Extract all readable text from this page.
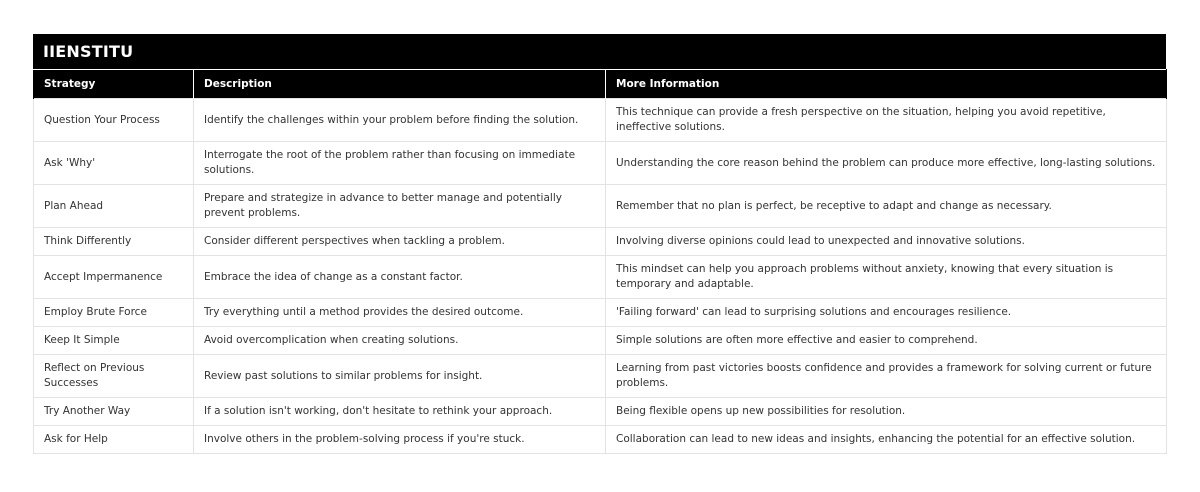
IIENSTITU
Strategy	Description	More Information
Question Your Process	Identify the challenges within your problem before finding the solution.	This technique can provide a fresh perspective on the situation, helping you avoid repetitive, ineffective solutions.
Ask 'Why'	Interrogate the root of the problem rather than focusing on immediate solutions.	Understanding the core reason behind the problem can produce more effective, long-lasting solutions.
Plan Ahead	Prepare and strategize in advance to better manage and potentially prevent problems.	Remember that no plan is perfect, be receptive to adapt and change as necessary.
Think Differently	Consider different perspectives when tackling a problem.	Involving diverse opinions could lead to unexpected and innovative solutions.
Accept Impermanence	Embrace the idea of change as a constant factor.	This mindset can help you approach problems without anxiety, knowing that every situation is temporary and adaptable.
Employ Brute Force	Try everything until a method provides the desired outcome.	'Failing forward' can lead to surprising solutions and encourages resilience.
Keep It Simple	Avoid overcomplication when creating solutions.	Simple solutions are often more effective and easier to comprehend.
Reflect on Previous Successes	Review past solutions to similar problems for insight.	Learning from past victories boosts confidence and provides a framework for solving current or future problems.
Try Another Way	If a solution isn't working, don't hesitate to rethink your approach.	Being flexible opens up new possibilities for resolution.
Ask for Help	Involve others in the problem-solving process if you're stuck.	Collaboration can lead to new ideas and insights, enhancing the potential for an effective solution.
